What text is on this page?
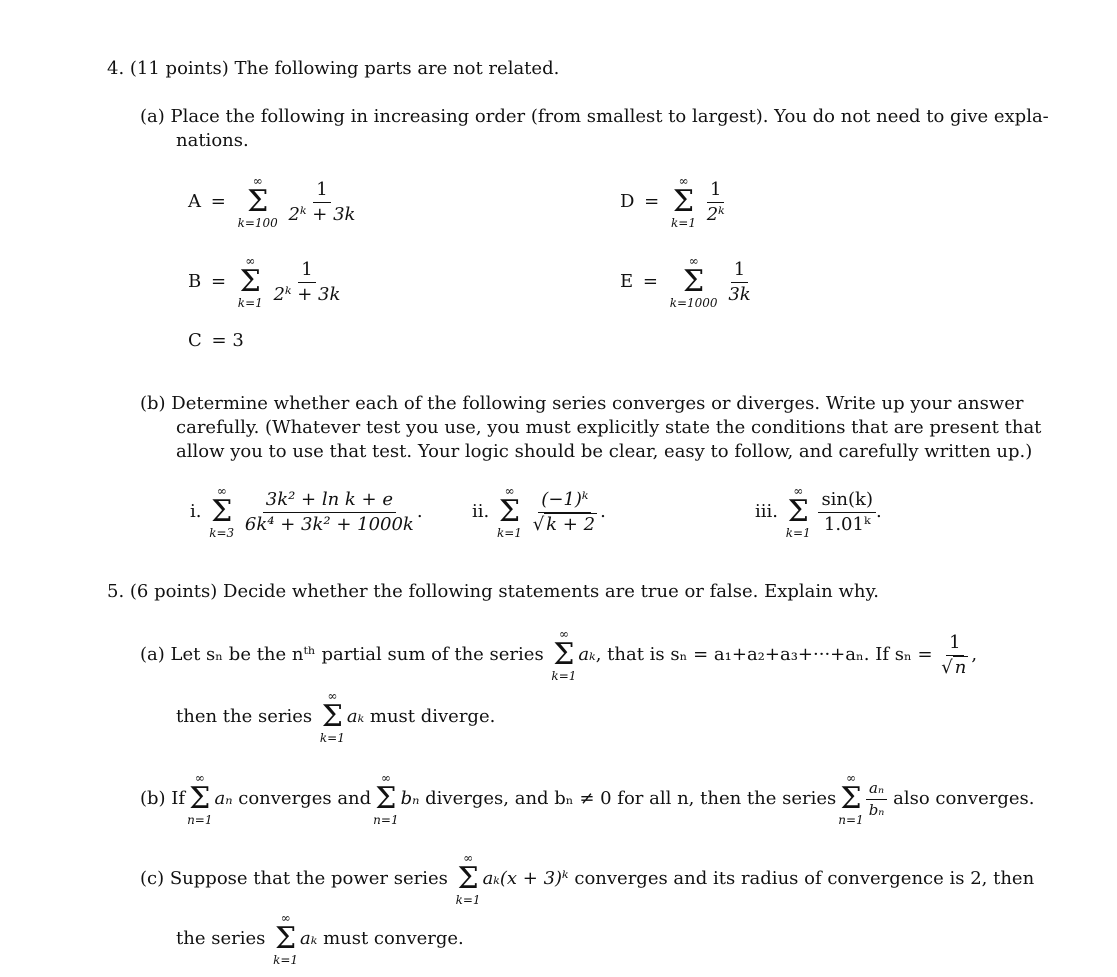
4. (11 points) The following parts are not related.
(a) Place the following in increasing order (from smallest to largest). You do not need to give expla-
nations.
A =
∞
Σ
k=100
$\frac{1}{\text{2ᵏ + 3k}}$	D =
∞
Σ
k=1
$\frac{1}{\text{2ᵏ}}$
B =
∞
Σ
k=1
$\frac{1}{\text{2ᵏ + 3k}}$	E =
∞
Σ
k=1000
$\frac{1}{3k}$
C = 3
(b) Determine whether each of the following series converges or diverges. Write up your answer
carefully. (Whatever test you use, you must explicitly state the conditions that are present that
allow you to use that test. Your logic should be clear, easy to follow, and carefully written up.)
i.
∞
Σ
k=3
$\frac{\text{3k² + ln k + e}}{\text{6k⁴ + 3k² + 1000k}}$ .	ii.
∞
Σ
k=1
$\frac{\text{(−1)ᵏ}}{√ k + 2}$ .	iii.
∞
Σ
k=1
$\frac{\sin(k)}{\text{1.01ᵏ}}$ .
5. (6 points) Decide whether the following statements are true or false. Explain why.
(a) Let sₙ be the nᵗʰ partial sum of the series
∞
Σ
k=1
aₖ, that is sₙ = a₁+a₂+a₃+···+aₙ. If $s_n = \frac{1}{√ n}$ ,
then the series
∞
Σ
k=1
aₖ must diverge.
(b) If
∞
Σ
n=1
aₙ converges and
∞
Σ
n=1
bₙ diverges, and bₙ ≠ 0 for all n, then the series
∞
Σ
n=1
$\frac{\text{aₙ}}{\text{bₙ}}$ also converges.
(c) Suppose that the power series
∞
Σ
k=1
aₖ(x + 3)ᵏ converges and its radius of convergence is 2, then
the series
∞
Σ
k=1
aₖ must converge.
